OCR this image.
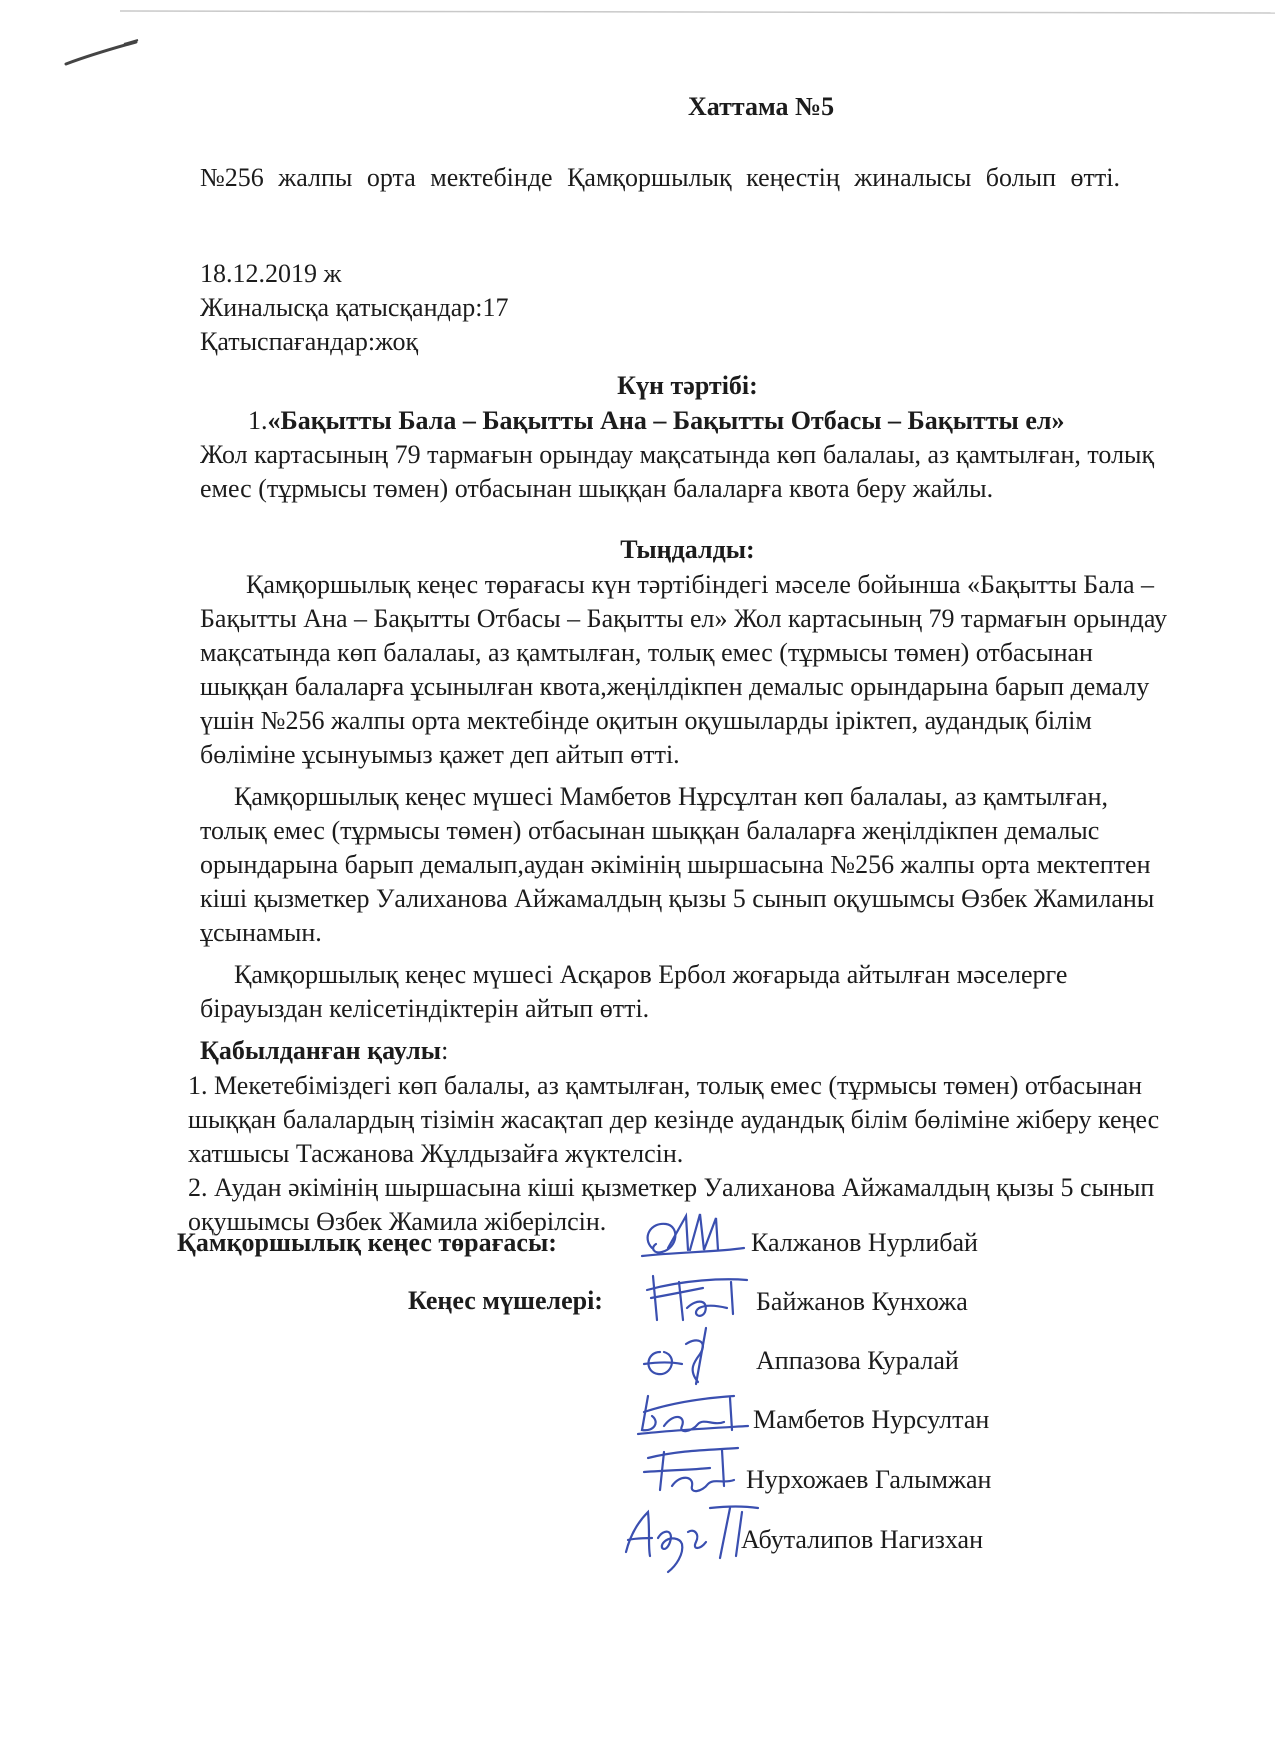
Хаттама №5
№256 жалпы орта мектебінде Қамқоршылық кеңестің жиналысы болып өтті.
18.12.2019 ж
Жиналысқа қатысқандар:17
Қатыспағандар:жоқ
Күн тәртібі:
1.«Бақытты Бала – Бақытты Ана – Бақытты Отбасы – Бақытты ел»
Жол картасының 79 тармағын орындау мақсатында көп балалаы, аз қамтылған, толық емес (тұрмысы төмен) отбасынан шыққан балаларға квота беру жайлы.
Тыңдалды:

Қамқоршылық кеңес төрағасы күн тәртібіндегі мәселе бойынша «Бақытты Бала – Бақытты Ана – Бақытты Отбасы – Бақытты ел» Жол картасының 79 тармағын орындау мақсатында көп балалаы, аз қамтылған, толық емес (тұрмысы төмен) отбасынан шыққан балаларға ұсынылған квота,жеңілдікпен демалыс орындарына барып демалу үшін №256 жалпы орта мектебінде оқитын оқушыларды іріктеп, аудандық білім бөліміне ұсынуымыз қажет деп айтып өтті.

Қамқоршылық кеңес мүшесі Мамбетов Нұрсұлтан көп балалаы, аз қамтылған, толық емес (тұрмысы төмен) отбасынан шыққан балаларға жеңілдікпен демалыс орындарына барып демалып,аудан әкімінің шыршасына №256 жалпы орта мектептен кіші қызметкер Уалиханова Айжамалдың қызы 5 сынып оқушымсы Өзбек Жамиланы ұсынамын.

Қамқоршылық кеңес мүшесі Асқаров Ербол жоғарыда айтылған мәселерге бірауыздан келісетіндіктерін айтып өтті.

Қабылданған қаулы:
1. Мекетебіміздегі көп балалы, аз қамтылған, толық емес (тұрмысы төмен) отбасынан шыққан балалардың тізімін жасақтап дер кезінде аудандық білім бөліміне жіберу кеңес хатшысы Тасжанова Жұлдызайға жүктелсін.
2. Аудан әкімінің шыршасына кіші қызметкер Уалиханова Айжамалдың қызы 5 сынып оқушымсы Өзбек Жамила жіберілсін.
Қамқоршылық кеңес төрағасы:	Калжанов Нурлибай
Кеңес мүшелері:	Байжанов Кунхожа
Аппазова Куралай
Мамбетов Нурсултан
Нурхожаев Галымжан
Абуталипов Нагизхан
